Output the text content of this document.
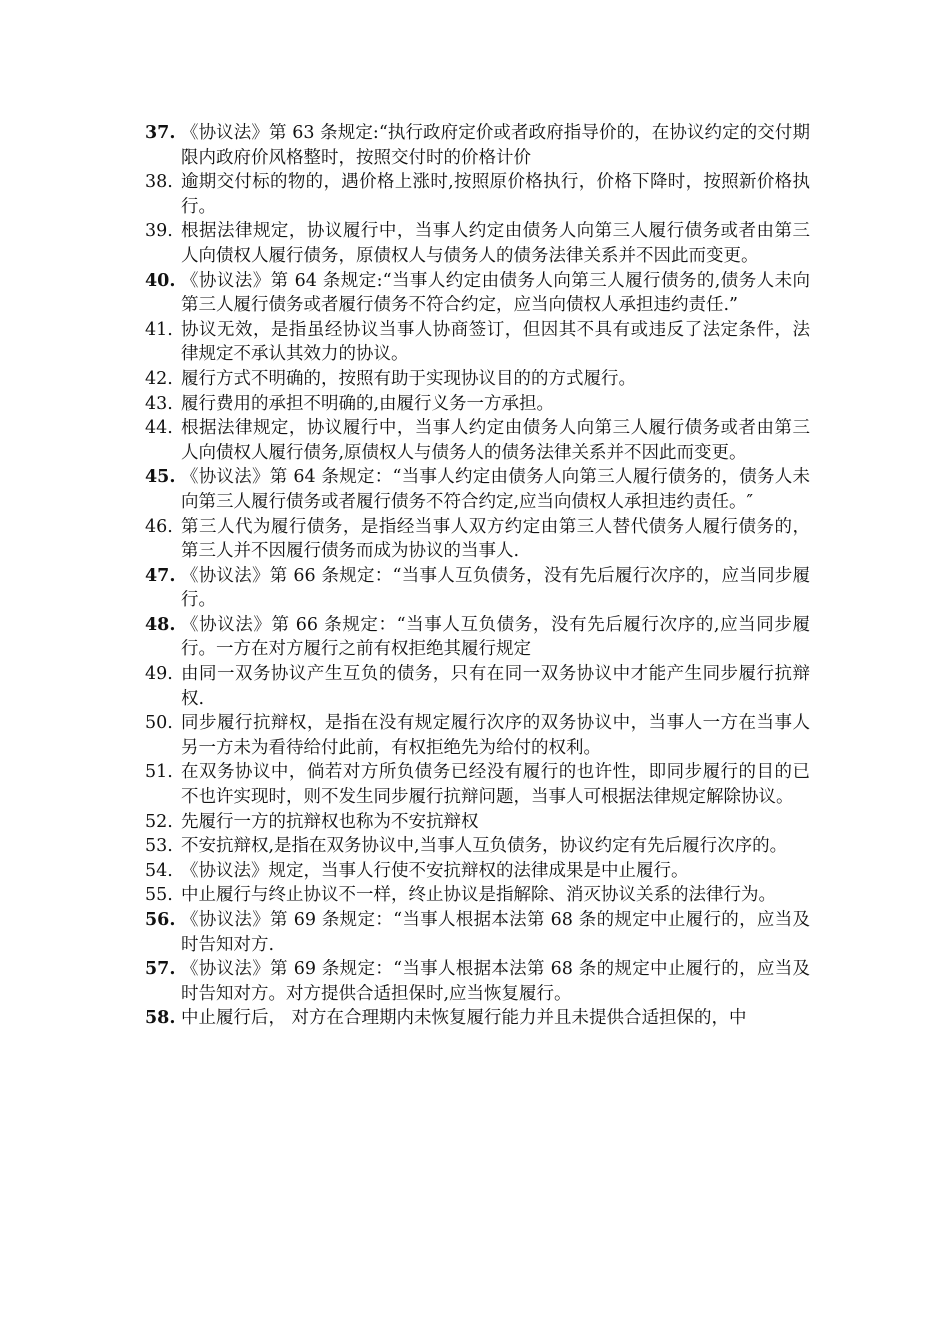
37. 《协议法》第 63 条规定:“执行政府定价或者政府指导价的，在协议约定的交付期限内政府价风格整时，按照交付时的价格计价
38. 逾期交付标的物的，遇价格上涨时,按照原价格执行，价格下降时，按照新价格执行。
39. 根据法律规定，协议履行中，当事人约定由债务人向第三人履行债务或者由第三人向债权人履行债务，原债权人与债务人的债务法律关系并不因此而变更。
40. 《协议法》第 64 条规定:“当事人约定由债务人向第三人履行债务的,债务人未向第三人履行债务或者履行债务不符合约定，应当向债权人承担违约责任.”
41. 协议无效，是指虽经协议当事人协商签订，但因其不具有或违反了法定条件，法律规定不承认其效力的协议。
42. 履行方式不明确的，按照有助于实现协议目的的方式履行。
43. 履行费用的承担不明确的,由履行义务一方承担。
44. 根据法律规定，协议履行中，当事人约定由债务人向第三人履行债务或者由第三人向债权人履行债务,原债权人与债务人的债务法律关系并不因此而变更。
45. 《协议法》第 64 条规定：“当事人约定由债务人向第三人履行债务的，债务人未向第三人履行债务或者履行债务不符合约定,应当向债权人承担违约责任。″
46. 第三人代为履行债务，是指经当事人双方约定由第三人替代债务人履行债务的，第三人并不因履行债务而成为协议的当事人.
47. 《协议法》第 66 条规定：“当事人互负债务，没有先后履行次序的，应当同步履行。
48. 《协议法》第 66 条规定：“当事人互负债务，没有先后履行次序的,应当同步履行。一方在对方履行之前有权拒绝其履行规定
49. 由同一双务协议产生互负的债务，只有在同一双务协议中才能产生同步履行抗辩权.
50. 同步履行抗辩权，是指在没有规定履行次序的双务协议中，当事人一方在当事人另一方未为看待给付此前，有权拒绝先为给付的权利。
51. 在双务协议中，倘若对方所负债务已经没有履行的也许性，即同步履行的目的已不也许实现时，则不发生同步履行抗辩问题，当事人可根据法律规定解除协议。
52. 先履行一方的抗辩权也称为不安抗辩权
53. 不安抗辩权,是指在双务协议中,当事人互负债务，协议约定有先后履行次序的。
54. 《协议法》规定，当事人行使不安抗辩权的法律成果是中止履行。
55. 中止履行与终止协议不一样，终止协议是指解除、消灭协议关系的法律行为。
56. 《协议法》第 69 条规定：“当事人根据本法第 68 条的规定中止履行的，应当及时告知对方.
57. 《协议法》第 69 条规定：“当事人根据本法第 68 条的规定中止履行的，应当及时告知对方。对方提供合适担保时,应当恢复履行。
58. 中止履行后， 对方在合理期内未恢复履行能力并且未提供合适担保的，中
